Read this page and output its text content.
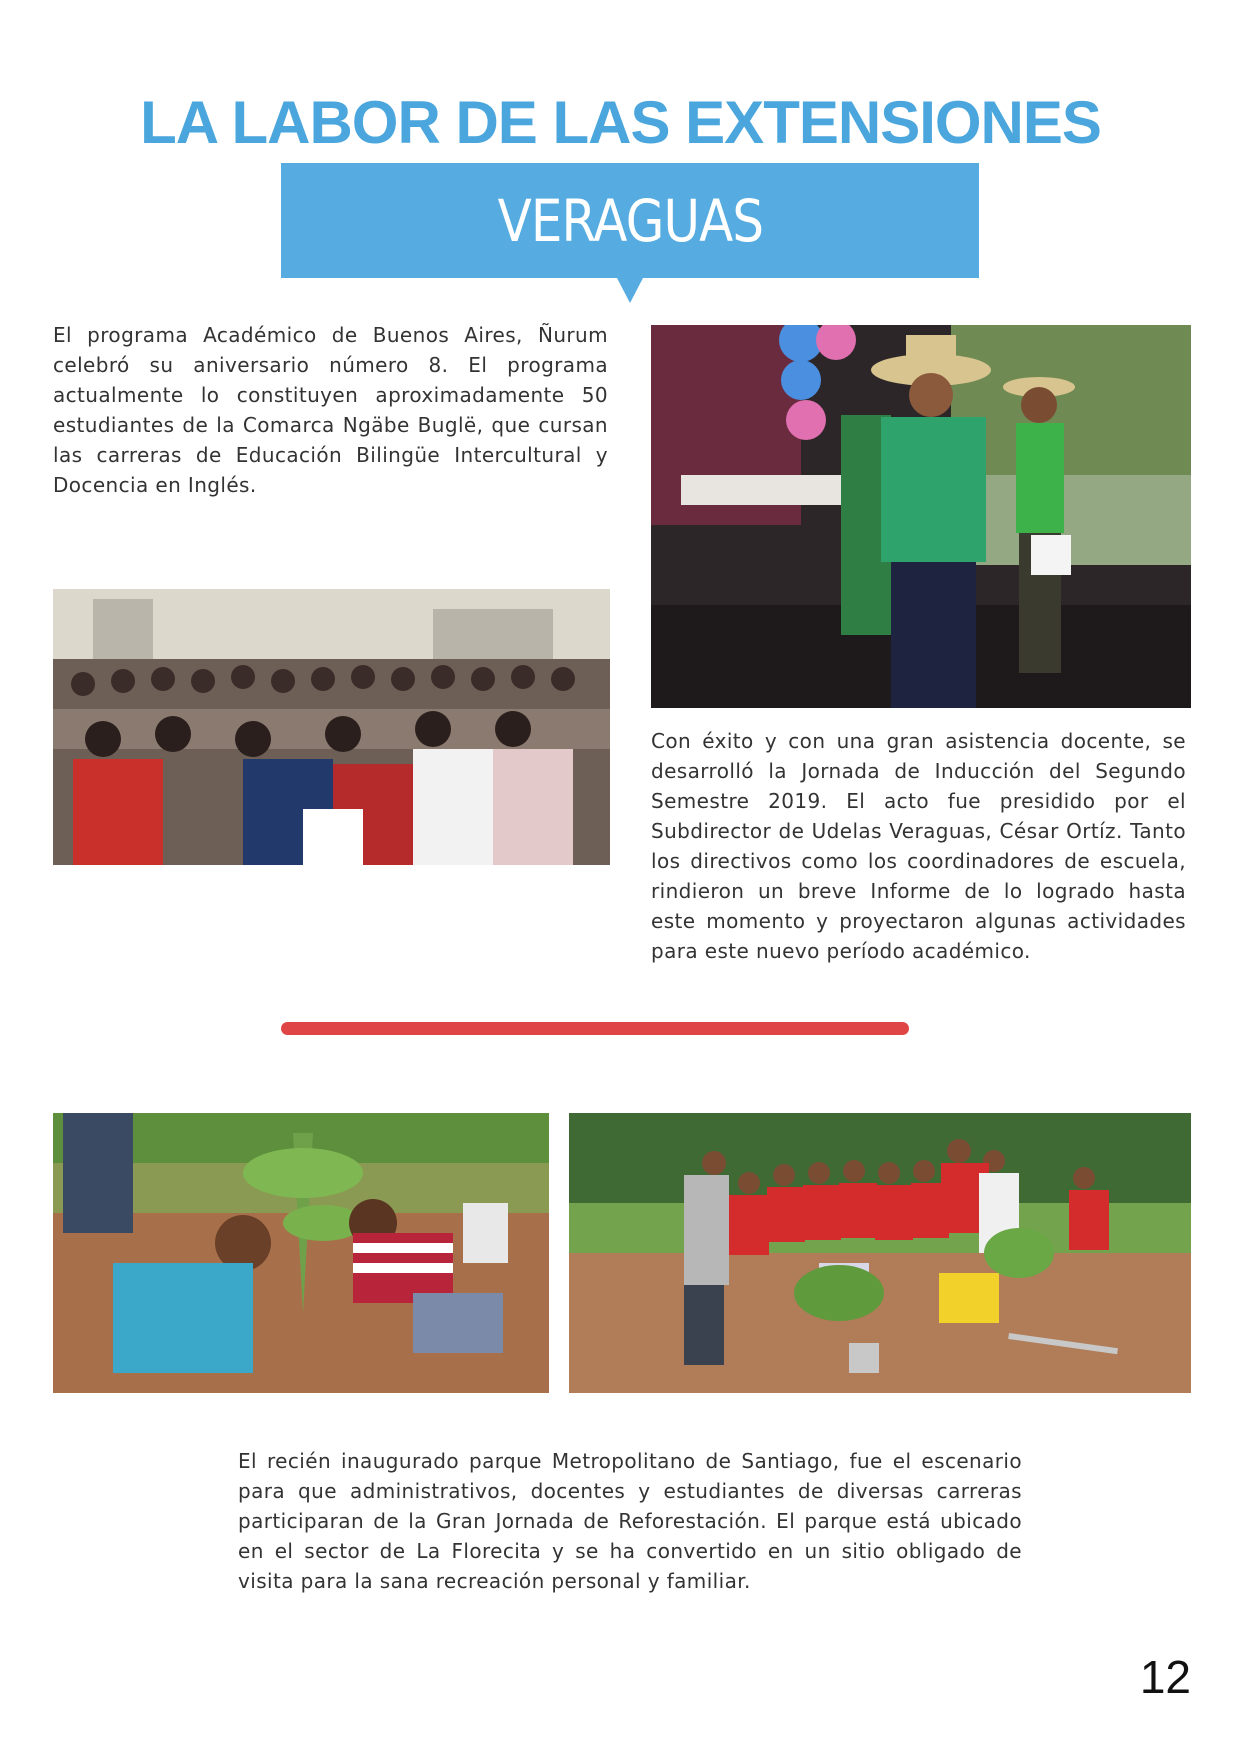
LA LABOR DE LAS EXTENSIONES
VERAGUAS

El programa Académico de Buenos Aires, Ñurum celebró su aniversario número 8. El programa actualmente lo constituyen aproximadamente 50 estudiantes de la Comarca Ngäbe Buglë, que cursan las carreras de Educación Bilingüe Intercultural y Docencia en Inglés.

Con éxito y con una gran asistencia docente, se desarrolló la Jornada de Inducción del Segundo Semestre 2019. El acto fue presidido por el Subdirector de Udelas Veraguas, César Ortíz. Tanto los directivos como los coordinadores de escuela, rindieron un breve Informe de lo logrado hasta este momento y proyectaron algunas actividades para este nuevo período académico.

El recién inaugurado parque Metropolitano de Santiago, fue el escenario para que administrativos, docentes y estudiantes de diversas carreras participaran de la Gran Jornada de Reforestación. El parque está ubicado en el sector de La Florecita y se ha convertido en un sitio obligado de visita para la sana recreación personal y familiar.

12
